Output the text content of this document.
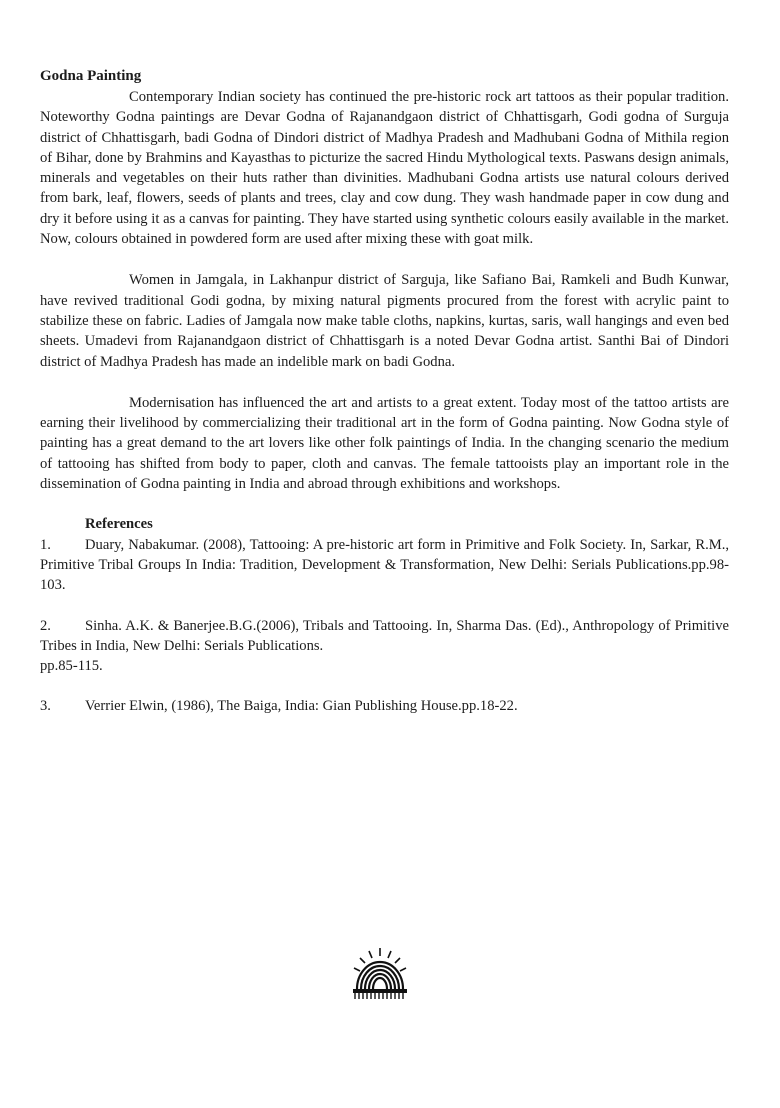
Godna Painting

Contemporary Indian society has continued the pre-historic rock art tattoos as their popular tradition. Noteworthy Godna paintings are Devar Godna of Rajanandgaon district of Chhattisgarh, Godi godna of Surguja district of Chhattisgarh, badi Godna of Dindori district of Madhya Pradesh and Madhubani Godna of Mithila region of Bihar, done by Brahmins and Kayasthas to picturize the sacred Hindu Mythological texts. Paswans design animals, minerals and vegetables on their huts rather than divinities. Madhubani Godna artists use natural colours derived from bark, leaf, flowers, seeds of plants and trees, clay and cow dung. They wash handmade paper in cow dung and dry it before using it as a canvas for painting. They have started using synthetic colours easily available in the market. Now, colours obtained in powdered form are used after mixing these with goat milk.

Women in Jamgala, in Lakhanpur district of Sarguja, like Safiano Bai, Ramkeli and Budh Kunwar, have revived traditional Godi godna, by mixing natural pigments procured from the forest with acrylic paint to stabilize these on fabric. Ladies of Jamgala now make table cloths, napkins, kurtas, saris, wall hangings and even bed sheets. Umadevi from Rajanandgaon district of Chhattisgarh is a noted Devar Godna artist. Santhi Bai of Dindori district of Madhya Pradesh has made an indelible mark on badi Godna.

Modernisation has influenced the art and artists to a great extent. Today most of the tattoo artists are earning their livelihood by commercializing their traditional art in the form of Godna painting. Now Godna style of painting has a great demand to the art lovers like other folk paintings of India. In the changing scenario the medium of tattooing has shifted from body to paper, cloth and canvas. The female tattooists play an important role in the dissemination of Godna painting in India and abroad through exhibitions and workshops.

References

1. Duary, Nabakumar. (2008), Tattooing: A pre-historic art form in Primitive and Folk Society. In, Sarkar, R.M., Primitive Tribal Groups In India: Tradition, Development & Transformation, New Delhi: Serials Publications.pp.98-103.

2. Sinha. A.K. & Banerjee.B.G.(2006), Tribals and Tattooing. In, Sharma Das. (Ed)., Anthropology of Primitive Tribes in India, New Delhi: Serials Publications.
pp.85-115.

3. Verrier Elwin, (1986), The Baiga, India: Gian Publishing House.pp.18-22.
